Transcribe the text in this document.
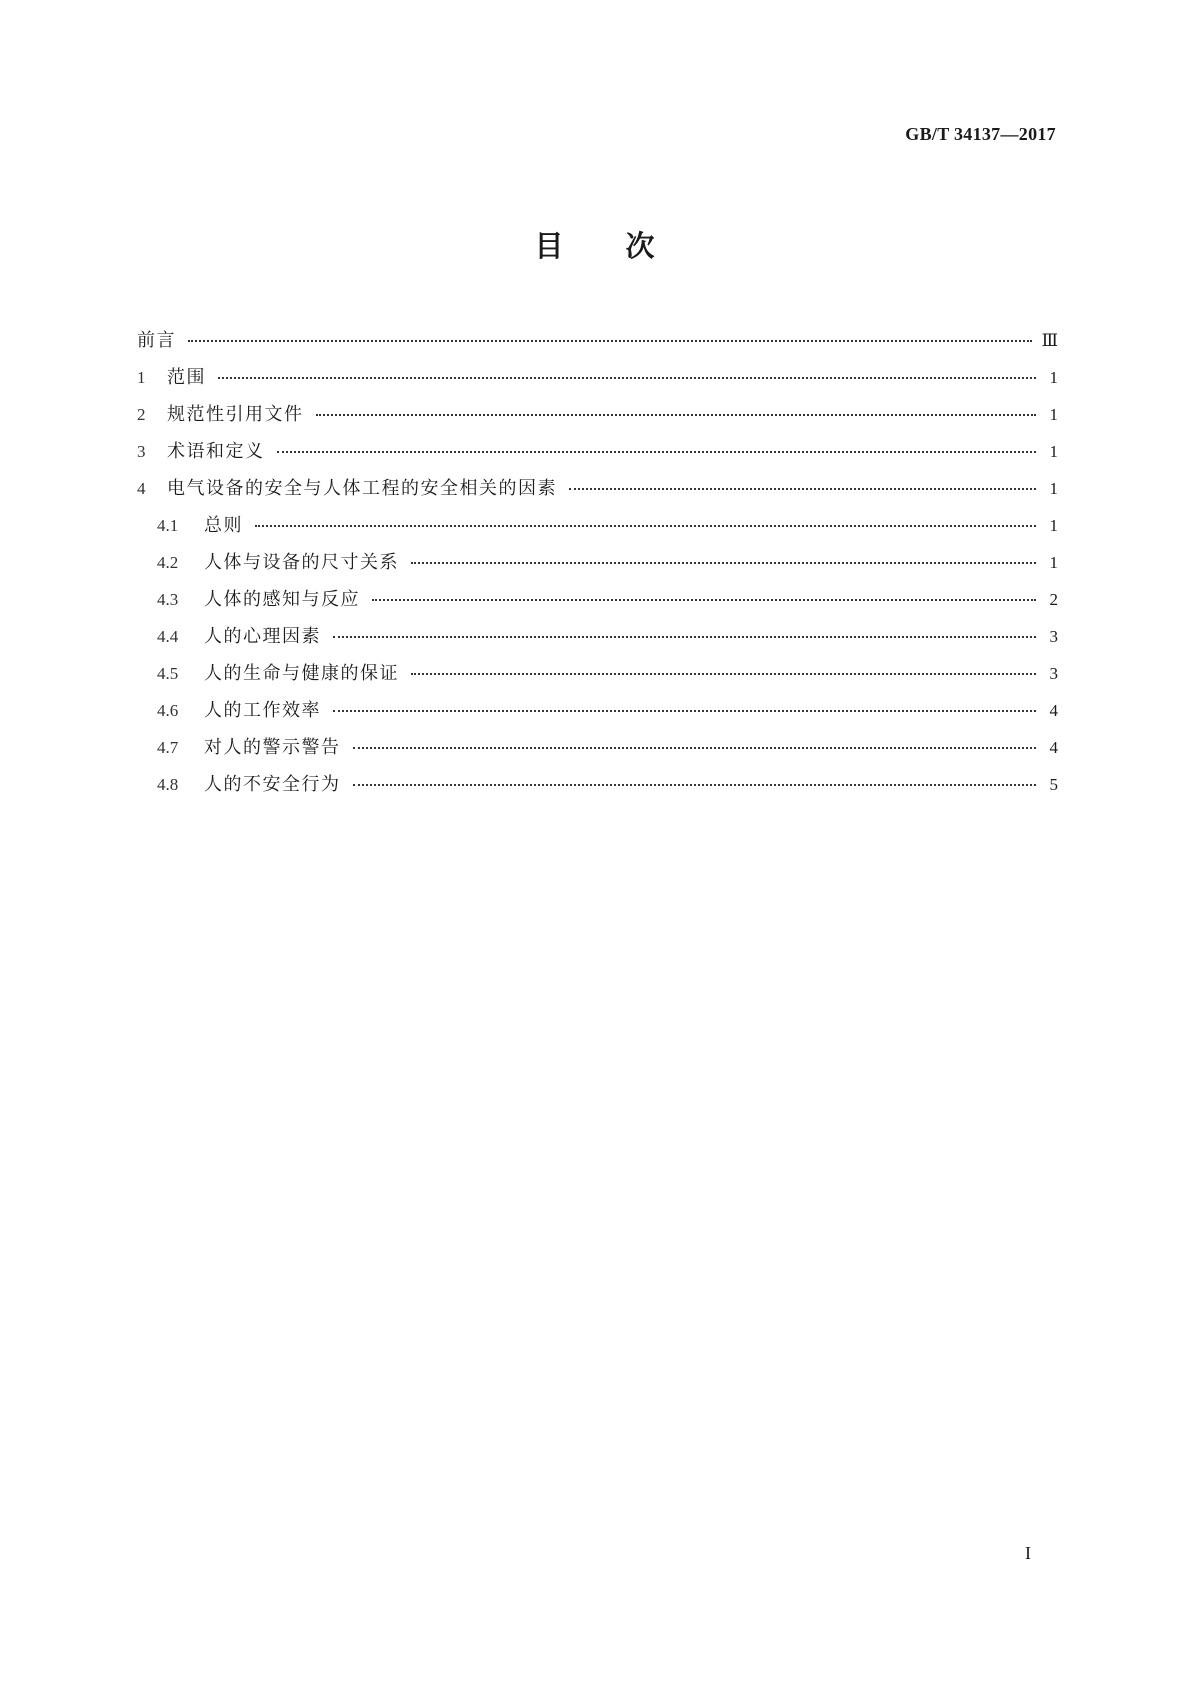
GB/T 34137—2017
目 次
前言	Ⅲ
1	范围	1
2	规范性引用文件	1
3	术语和定义	1
4	电气设备的安全与人体工程的安全相关的因素	1
4.1	总则	1
4.2	人体与设备的尺寸关系	1
4.3	人体的感知与反应	2
4.4	人的心理因素	3
4.5	人的生命与健康的保证	3
4.6	人的工作效率	4
4.7	对人的警示警告	4
4.8	人的不安全行为	5
I
